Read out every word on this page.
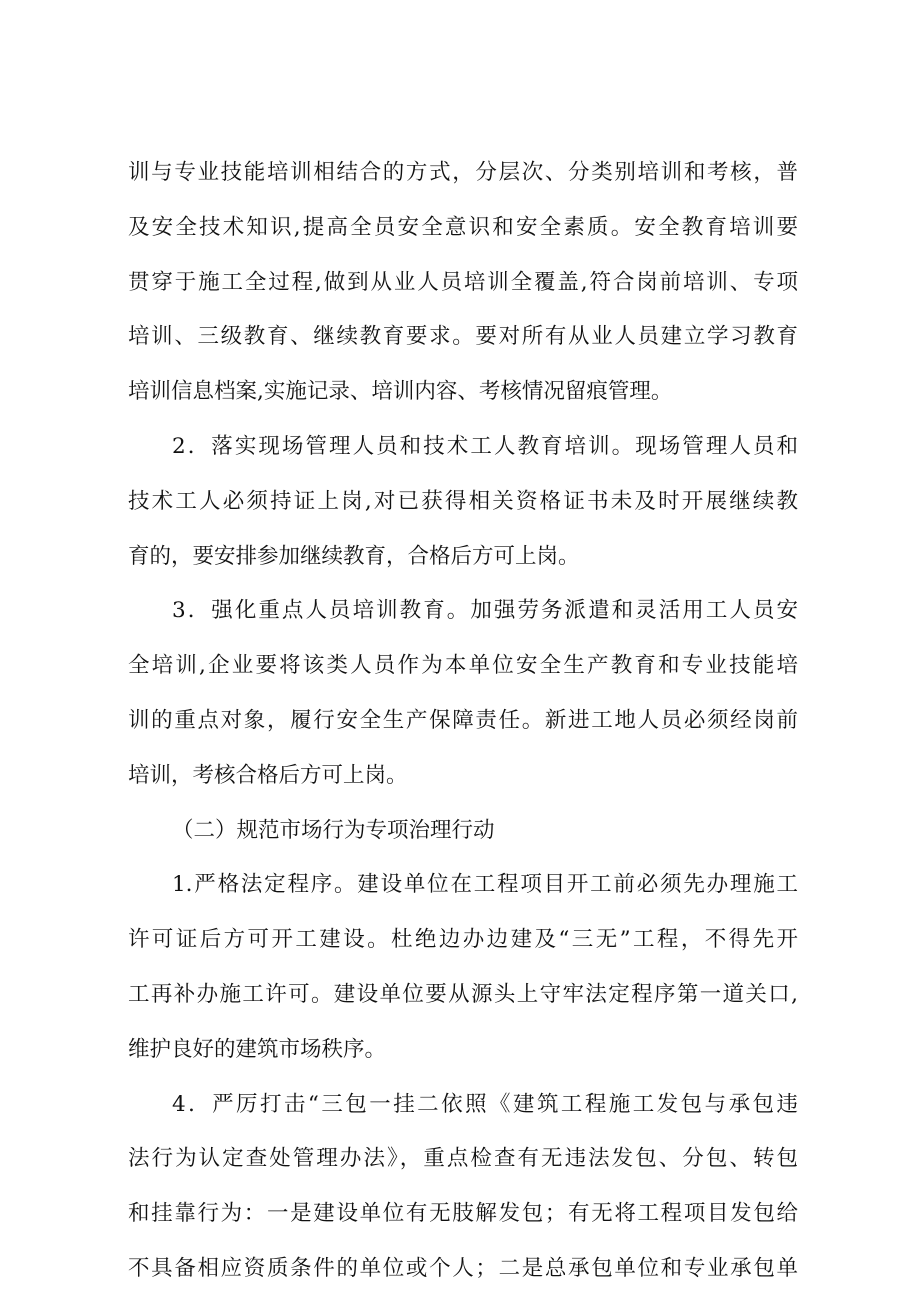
训与专业技能培训相结合的方式，分层次、分类别培训和考核，普
及安全技术知识,提高全员安全意识和安全素质。安全教育培训要
贯穿于施工全过程,做到从业人员培训全覆盖,符合岗前培训、专项
培训、三级教育、继续教育要求。要对所有从业人员建立学习教育
培训信息档案,实施记录、培训内容、考核情况留痕管理。
2．落实现场管理人员和技术工人教育培训。现场管理人员和
技术工人必须持证上岗,对已获得相关资格证书未及时开展继续教
育的，要安排参加继续教育，合格后方可上岗。
3．强化重点人员培训教育。加强劳务派遣和灵活用工人员安
全培训,企业要将该类人员作为本单位安全生产教育和专业技能培
训的重点对象，履行安全生产保障责任。新进工地人员必须经岗前
培训，考核合格后方可上岗。
（二）规范市场行为专项治理行动
1.严格法定程序。建设单位在工程项目开工前必须先办理施工
许可证后方可开工建设。杜绝边办边建及“三无”工程，不得先开
工再补办施工许可。建设单位要从源头上守牢法定程序第一道关口,
维护良好的建筑市场秩序。
4．严厉打击“三包一挂二依照《建筑工程施工发包与承包违
法行为认定查处管理办法》，重点检查有无违法发包、分包、转包
和挂靠行为：一是建设单位有无肢解发包；有无将工程项目发包给
不具备相应资质条件的单位或个人；二是总承包单位和专业承包单
